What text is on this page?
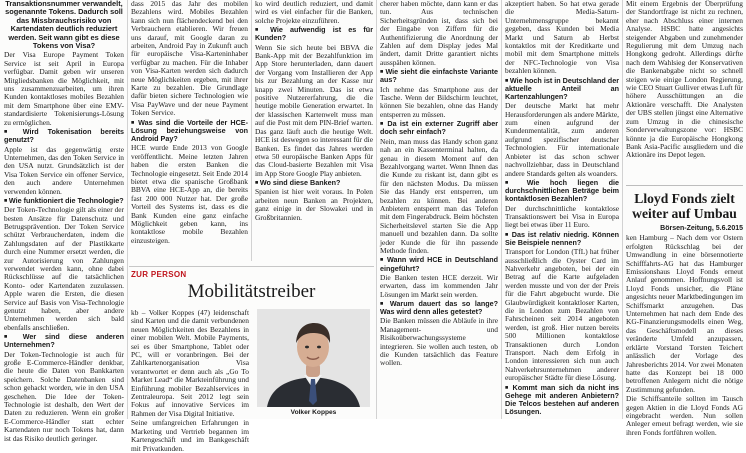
Transaktionsnummer verwandelt, sogenannte Tokens. Dadurch soll das Missbrauchsrisiko von Kartendaten deutlich reduziert werden. Seit wann gibt es diese Tokens von Visa?

Der Visa Europe Payment Token Service ist seit April in Europa verfügbar. Damit geben wir unseren Mitgliedsbanken die Möglichkeit, mit uns zusammenzuarbeiten, um ihren Kunden kontaktloses mobiles Bezahlen mit dem Smartphone über eine EMV-standardisierte Tokenisierungs-Lösung zu ermöglichen.

■ Wird Tokenisation bereits genutzt?

Apple ist das gegenwärtig erste Unternehmen, das den Token Service in den USA nutzt. Grundsätzlich ist der Visa Token Service ein offener Service, den auch andere Unternehmen verwenden können.

■ Wie funktioniert die Technologie?

Der Token-Technologie gilt als einer der besten Ansätze für Datenschutz und Betrugsprävention. Der Token Service schützt Verbraucherdaten, indem die Zahlungsdaten auf der Plastikkarte durch eine Nummer ersetzt werden, die zur Autorisierung von Zahlungen verwendet werden kann, ohne dabei Rückschlüsse auf die tatsächlichen Konto- oder Kartendaten zuzulassen. Apple waren die Ersten, die diesen Service auf Basis von Visa-Technologie genutzt haben, aber andere Unternehmen werden sich bald ebenfalls anschließen.

■ Wer sind diese anderen Unternehmen?

Der Token-Technologie ist auch für große E-Commerce-Händler denkbar, die heute die Daten von Bankkarten speichern. Solche Datenbanken sind schon gehackt worden, wie in den USA geschehen. Die Idee der Token-Technologie ist deshalb, den Wert der Daten zu reduzieren. Wenn ein großer E-Commerce-Händler statt echter Kartendaten nur noch Tokens hat, dann ist das Risiko deutlich geringer.

dass 2015 das Jahr des mobilen Bezahlens wird. Mobiles Bezahlen kann sich nun flächendeckend bei den Verbrauchern etablieren. Wir freuen uns darauf, mit Google daran zu arbeiten, Android Pay in Zukunft auch für europäische Visa-Karteninhaber verfügbar zu machen. Für die Inhaber von Visa-Karten werden sich dadurch neue Möglichkeiten ergeben, mit ihrer Karte zu bezahlen. Die Grundlage dafür bieten sichere Technologien wie Visa PayWave und der neue Payment Token Service.

■ Was sind die Vorteile der HCE-Lösung beziehungsweise von Android Pay?

HCE wurde Ende 2013 von Google veröffentlicht. Meine letzten Jahren haben die ersten Banken die Technologie eingesetzt. Seit Ende 2014 bietet etwa die spanische Großbank BBVA eine HCE-App an, die bereits fast 200 000 Nutzer hat. Der große Vorteil des Systems ist, dass es die Bank Kunden eine ganz einfache Möglichkeit geben kann, ins kontaktlose mobile Bezahlen einzusteigen.

ko wird deutlich reduziert, und damit wird es viel einfacher für die Banken, solche Projekte einzuführen.

■ Wie aufwendig ist es für Kunden?

Wenn Sie sich heute bei BBVA die Bank-App mit der Bezahlfunktion im App Store herunterladen, dann dauert der Vorgang vom Installieren der App bis zur Bezahlung an der Kasse nur knapp zwei Minuten. Das ist etwa positive Nutzererfahrung, die die heutige mobile Generation erwartet. In der klassischen Kartenwelt muss man auf die Post mit dem PIN-Brief warten. Das ganz läuft auch die heutige Welt. HCE ist deswegen so interessant für die Banken. Es findet das Jahres werden etwa 50 europäische Banken Apps für das Cloud-basierte Bezahlen mit Visa im App Store Google Play anbieten.

■ Wo sind diese Banken?

Spanien ist hier weit voraus. In Polen arbeiten neun Banken an Projekten, ganz einige in der Slowakei und in Großbritannien.

ZUR PERSON
Mobilitätstreiber

kb – Volker Koppes (47) leidenschaft sind Karten und die damit verbundenen neuen Möglichkeiten des Bezahlens in einer mobilen Welt. Mobile Payments, sei es über Smartphone, Tablet oder PC, will er voranbringen. Bei der Zahlkartenorganisation Visa verantwortet er denn auch als „Go To Market Lead“ die Markteinführung und Einführung mobiler Bezahlservices in Zentraleuropa. Seit 2012 legt sein Fokus auf innovative Services im Rahmen der Visa Digital Initiative.

Seine umfangreichen Erfahrungen in Marketing und Vertrieb begannen im Kartengeschäft und im Bankgeschäft mit Privatkunden.

Volker Koppes

cherer haben möchte, dann kann er das tun. Aus technischen Sicherheitsgründen ist, dass sich bei der Eingabe von Ziffern für die Authentifizierung die Anordnung der Zahlen auf dem Display jedes Mal ändert, damit Dritte garantiert nichts ausspähen können.

■ Wie sieht die einfachste Variante aus?

Ich nehme das Smartphone aus der Tasche. Wenn der Bildschirm leuchtet, können Sie bezahlen, ohne das Handy entsperren zu müssen.

■ Da ist ein externer Zugriff aber doch sehr einfach?

Nein, man muss das Handy schon ganz nah an ein Kassenterminal halten, da genau in diesem Moment auf den Bezahlvorgang wartet. Wenn Ihnen das die Kunde zu riskant ist, dann gibt es für den nächsten Modus. Da müssen Sie das Handy erst entsperren, um bezahlen zu können. Bei anderen Anbietern entsperrt man das Telefon mit dem Fingerabdruck. Beim höchsten Sicherheitslevel starten Sie die App manuell und bezahlen dann. Da sollte jeder Kunde die für ihn passende Methode finden.

■ Wann wird HCE in Deutschland eingeführt?

Die Banken testen HCE derzeit. Wir erwarten, dass im kommenden Jahr Lösungen im Markt sein werden.

■ Warum dauert das so lange? Was wird denn alles getestet?

Die Banken müssen die Abläufe in ihre Management- und Risikoüberwachungssysteme integrieren. Sie wollen auch testen, ob die Kunden tatsächlich das Feature wollen.

akzeptiert haben. So hat etwa gerade die Media-Saturn-Unternehmensgruppe bekannt gegeben, dass Kunden bei Media Markt und Saturn ab Herbst kontaktlos mit der Kreditkarte und mobil mit dem Smartphone mittels der NFC-Technologie von Visa bezahlen können.

■ Wie hoch ist in Deutschland der aktuelle Anteil an Kartenzahlungen?

Der deutsche Markt hat mehr Herausforderungen als andere Märkte, zum einen aufgrund der Kundenmentalität, zum anderen aufgrund spezifischer deutscher Technologien. Für internationale Anbieter ist das schon schwer nachvollziehbar, dass in Deutschland andere Standards gelten als woanders.

■ Wie hoch liegen die durchschnittlichen Beträge beim kontaktlosen Bezahlen?

Der durchschnittliche kontaktlose Transaktionswert bei Visa in Europa liegt bei etwas über 11 Euro.

■ Das ist relativ niedrig. Können Sie Beispiele nennen?

Transport for London (TfL) hat früher ausschließlich die Oyster Card im Nahverkehr angeboten, bei der ein Betrag auf die Karte aufgeladen werden musste und von der der Preis für die Fahrt abgebucht wurde. Die Glaubwürdigkeit kontaktloser Karten, die in London zum Bezahlen von Fahrscheinen seit 2014 angeboten werden, ist groß. Hier nutzen bereits 500 Millionen kontaktlose Transaktionen durch London Transport. Nach dem Erfolg in London interessieren sich nun auch Nahverkehrsunternehmen anderer europäischer Städte für diese Lösung.

■ Kommt man sich da nicht ins Gehege mit anderen Anbietern? Die Telcos bestehen auf anderen Lösungen.

Mit einem Ergebnis der Überprüfung der Standortfrage ist nicht zu rechnen, eher nach Abschluss einer internen Analyse. HSBC hatte angesichts steigender Abgaben und zunehmender Regulierung mit dem Umzug nach Hongkong gedroht. Allerdings dürfte nach dem Wahlsieg der Konservativen die Bankenabgabe nicht so schnell steigen wie einige London Regierung, wie CEO Stuart Gulliver etwas Luft für höhere Ausschüttungen an die Aktionäre verschafft. Die Analysten der UBS stellen jüngst eine Alternative zum Umzug in die chinesische Sonderverwaltungszone vor: HSBC könnte ja die Europäische Hongkong Bank Asia-Pacific ausgliedern und die Aktionäre ins Depot legen.

Lloyd Fonds zielt weiter auf Umbau
Börsen-Zeitung, 5.6.2015

ken Hamburg – Nach dem vor Ostern erfolgten Rückschlag bei der Umwandlung in eine börsennotierte Schifffahrts-AG hat das Hamburger Emissionshaus Lloyd Fonds erneut Anlauf genommen. Hoffnungsvoll ist Lloyd Fonds unsicher, die Pläne angesichts neuer Marktbedingungen im Schiffsmarkt anzugehen. Das Unternehmen hat nach dem Ende des KG-Finanzierungsmodells einen Weg, das Geschäftsmodell an dieses veränderte Umfeld anzupassen, erklärte Vorstand Torsten Teichert anlässlich der Vorlage des Jahresberichts 2014. Vor zwei Monaten hatte das Konzept bei 18 000 betroffenen Anlegern nicht die nötige Zustimmung gefunden.

Die Schiffsanteile sollten im Tausch gegen Aktien in die Lloyd Fonds AG eingebracht werden. Nun sollen Anleger erneut befragt werden, wie sie ihren Fonds fortführen wollen.
